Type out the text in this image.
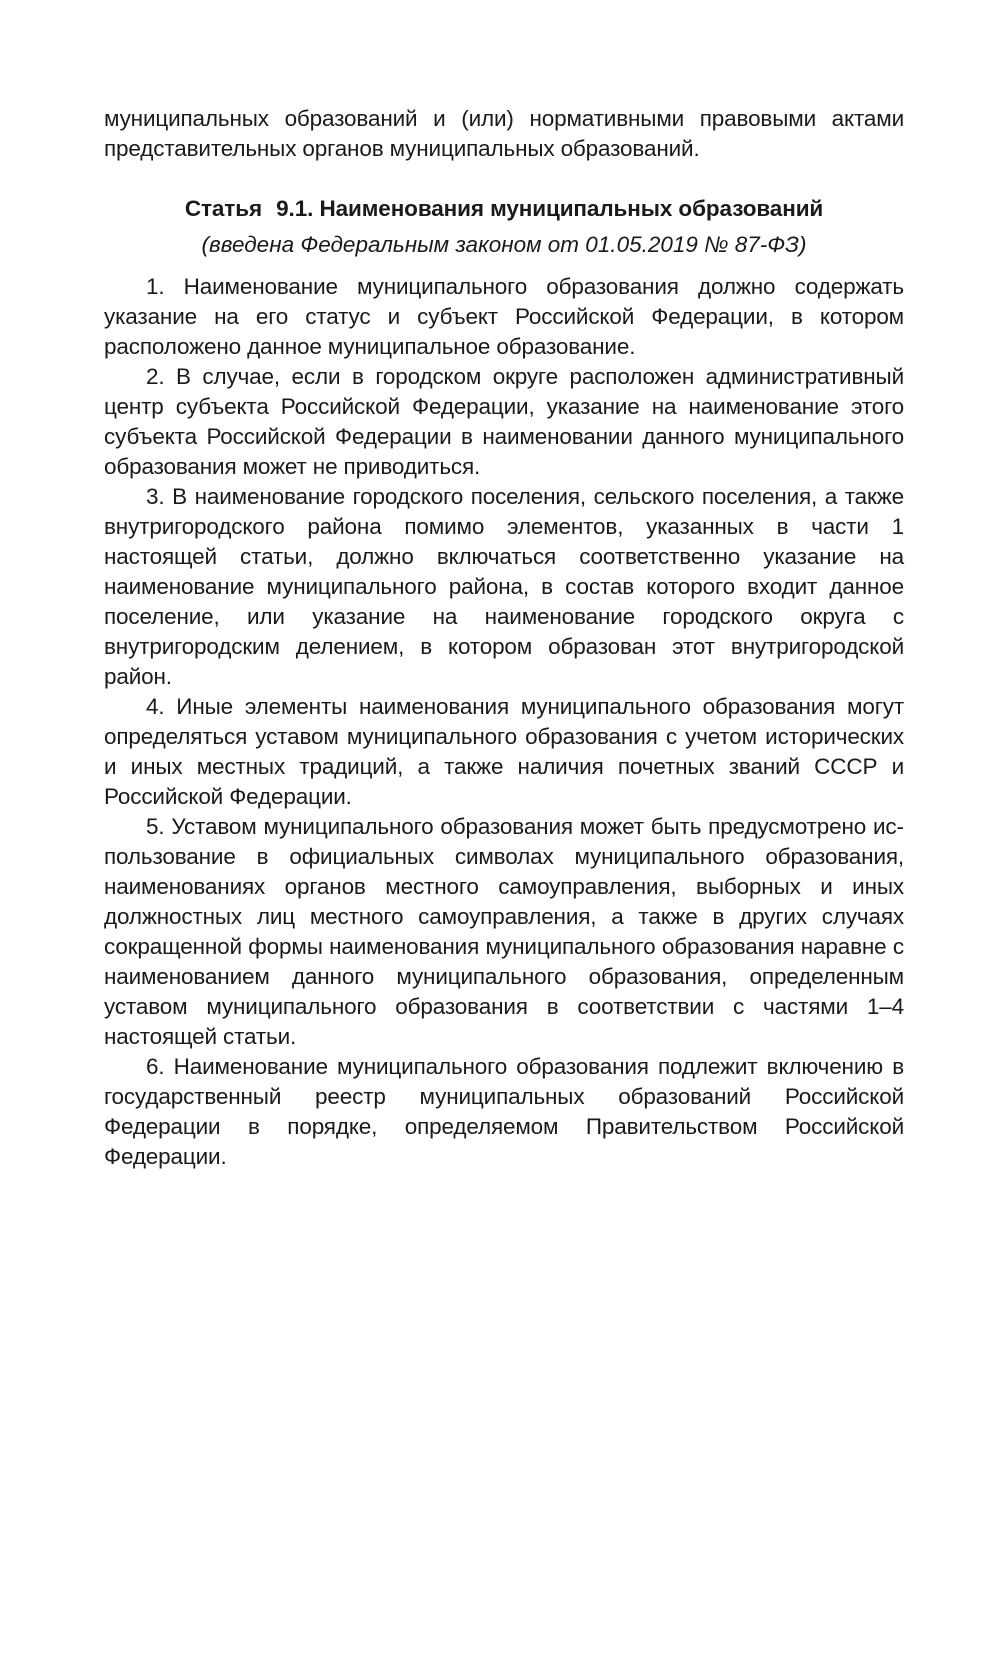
муниципальных образований и (или) нормативными правовыми актами представительных органов муниципальных образований.

Статья 9.1. Наименования муниципальных образований

(введена Федеральным законом от 01.05.2019 № 87-ФЗ)

1. Наименование муниципального образования должно содержать указание на его статус и субъект Российской Федерации, в котором расположено данное муниципальное образование.

2. В случае, если в городском округе расположен административный центр субъекта Российской Федерации, указание на наименование этого субъекта Российской Федерации в наименовании данного муниципального образования может не приводиться.

3. В наименование городского поселения, сельского поселения, а также внутригородского района помимо элементов, указанных в части 1 настоящей статьи, должно включаться соответственно указание на наименование муниципального района, в состав которого входит данное поселение, или указание на наименование городского округа с внутригородским делением, в котором образован этот внутригородской район.

4. Иные элементы наименования муниципального образования могут определяться уставом муниципального образования с учетом исторических и иных местных традиций, а также наличия почетных званий СССР и Российской Федерации.

5. Уставом муниципального образования может быть предусмотрено использование в официальных символах муниципального образования, наименованиях органов местного самоуправления, выборных и иных должностных лиц местного самоуправления, а также в других случаях сокращенной формы наименования муниципального образования наравне с наименованием данного муниципального образования, определенным уставом муниципального образования в соответствии с частями 1–4 настоящей статьи.

6. Наименование муниципального образования подлежит включению в государственный реестр муниципальных образований Российской Федерации в порядке, определяемом Правительством Российской Федерации.
